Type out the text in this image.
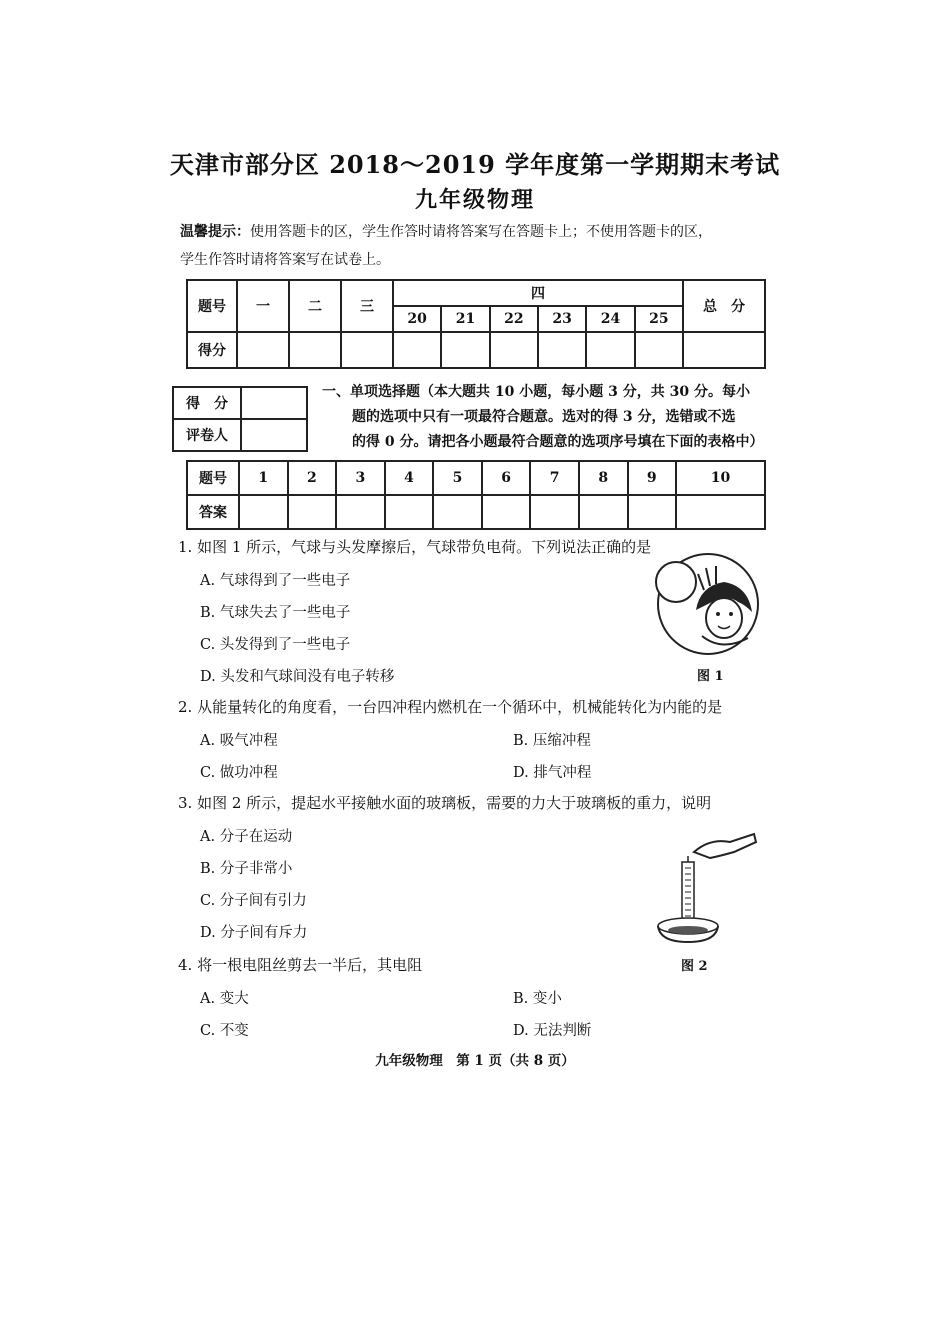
天津市部分区 2018～2019 学年度第一学期期末考试
九年级物理
温馨提示：使用答题卡的区，学生作答时请将答案写在答题卡上；不使用答题卡的区，
学生作答时请将答案写在试卷上。
题号	一	二	三	四						总　分
				20	21	22	23	24	25	
得分										
得　分	
评卷人	
一、单项选择题（本大题共 10 小题，每小题 3 分，共 30 分。每小
题的选项中只有一项最符合题意。选对的得 3 分，选错或不选
的得 0 分。请把各小题最符合题意的选项序号填在下面的表格中）
题号	1	2	3	4	5	6	7	8	9	10
答案										
1. 如图 1 所示，气球与头发摩擦后，气球带负电荷。下列说法正确的是
A. 气球得到了一些电子
B. 气球失去了一些电子
C. 头发得到了一些电子
D. 头发和气球间没有电子转移	图 1
2. 从能量转化的角度看，一台四冲程内燃机在一个循环中，机械能转化为内能的是
A. 吸气冲程	B. 压缩冲程
C. 做功冲程	D. 排气冲程
3. 如图 2 所示，提起水平接触水面的玻璃板，需要的力大于玻璃板的重力，说明
A. 分子在运动
B. 分子非常小
C. 分子间有引力
D. 分子间有斥力
图 2
4. 将一根电阻丝剪去一半后，其电阻
A. 变大	B. 变小
C. 不变	D. 无法判断
九年级物理　第 1 页（共 8 页）
